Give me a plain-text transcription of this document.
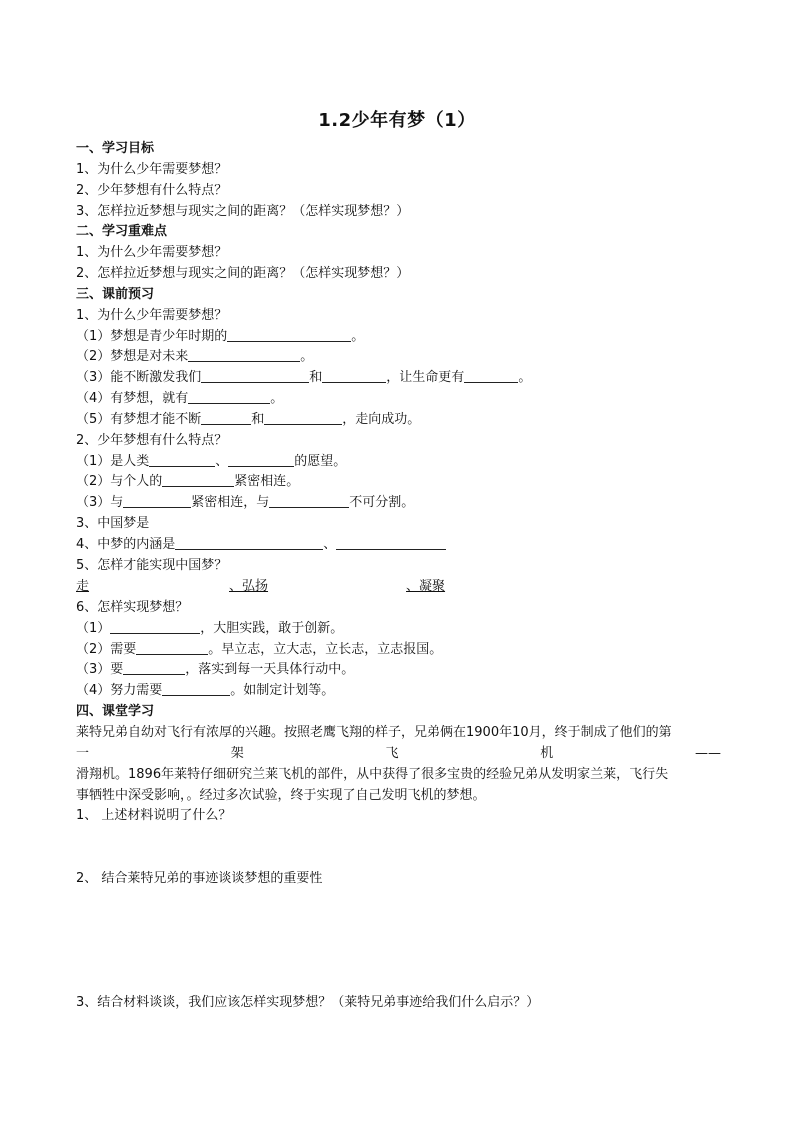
1.2少年有梦（1）
一、学习目标
1、为什么少年需要梦想？
2、少年梦想有什么特点？
3、怎样拉近梦想与现实之间的距离？（怎样实现梦想？）
二、学习重难点
1、为什么少年需要梦想？
2、怎样拉近梦想与现实之间的距离？（怎样实现梦想？）
三、课前预习
1、为什么少年需要梦想？
（1）梦想是青少年时期的	。
（2）梦想是对未来	。
（3）能不断激发我们	和	，让生命更有	。
（4）有梦想，就有	。
（5）有梦想才能不断	和	，走向成功。
2、少年梦想有什么特点？
（1）是人类	、	的愿望。
（2）与个人的	紧密相连。
（3）与	紧密相连，与	不可分割。
3、中国梦是
4、中梦的内涵是	、
5、怎样才能实现中国梦？
走	、弘扬	、凝聚
6、怎样实现梦想？
（1）	，大胆实践，敢于创新。
（2）需要	。早立志，立大志，立长志，立志报国。
（3）要	，落实到每一天具体行动中。
（4）努力需要	。如制定计划等。
四、课堂学习
莱特兄弟自幼对飞行有浓厚的兴趣。按照老鹰飞翔的样子，兄弟俩在1900年10月，终于制成了他们的第
一	架	飞	机	——
滑翔机。1896年莱特仔细研究兰莱飞机的部件，从中获得了很多宝贵的经验兄弟从发明家兰莱，飞行失
事牺牲中深受影响，。经过多次试验，终于实现了自己发明飞机的梦想。
1、 上述材料说明了什么？
2、 结合莱特兄弟的事迹谈谈梦想的重要性
3、结合材料谈谈，我们应该怎样实现梦想？（莱特兄弟事迹给我们什么启示？）
